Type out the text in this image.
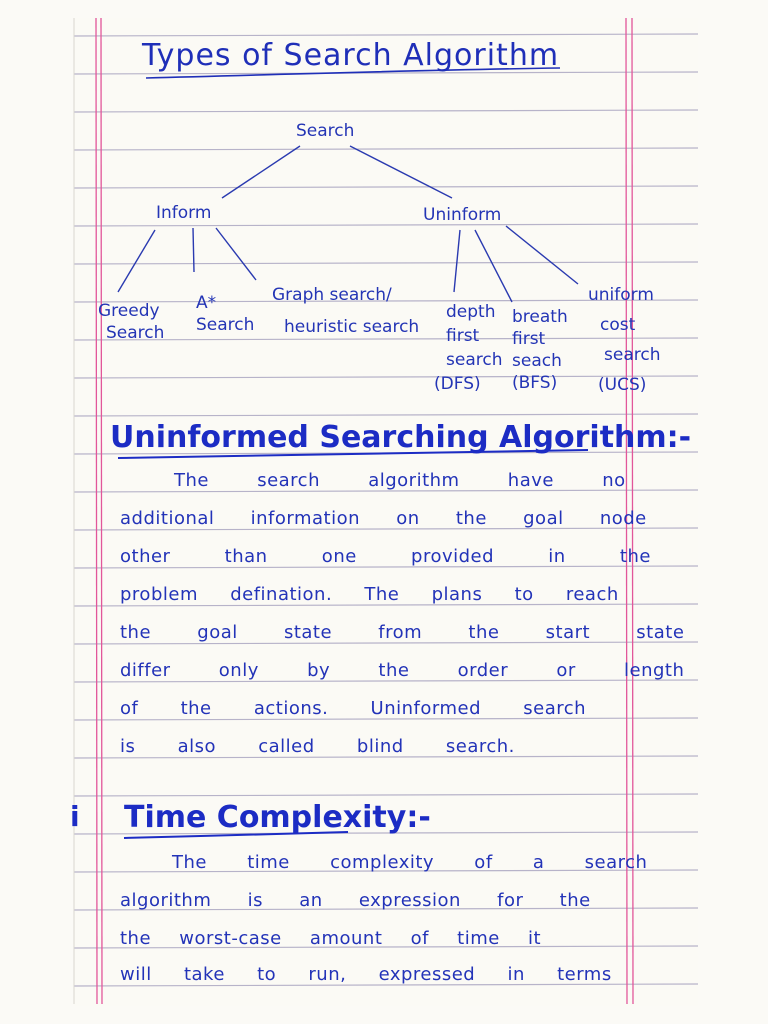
Types of Search Algorithm
Search
Inform	Uninform
Greedy
Search
A*
Search
Graph search/
heuristic search
depth
first
search
(DFS)
breath
first
seach
(BFS)
uniform
cost
search
(UCS)
Uninformed Searching Algorithm:-
The search algorithm have no
additional information on the goal node
other than one provided in the
problem defination. The plans to reach
the goal state from the start state
differ only by the order or length
of the actions. Uninformed search
is also called blind search.
i Time Complexity:-
The time complexity of a search
algorithm is an expression for the
the worst-case amount of time it
will take to run, expressed in terms
